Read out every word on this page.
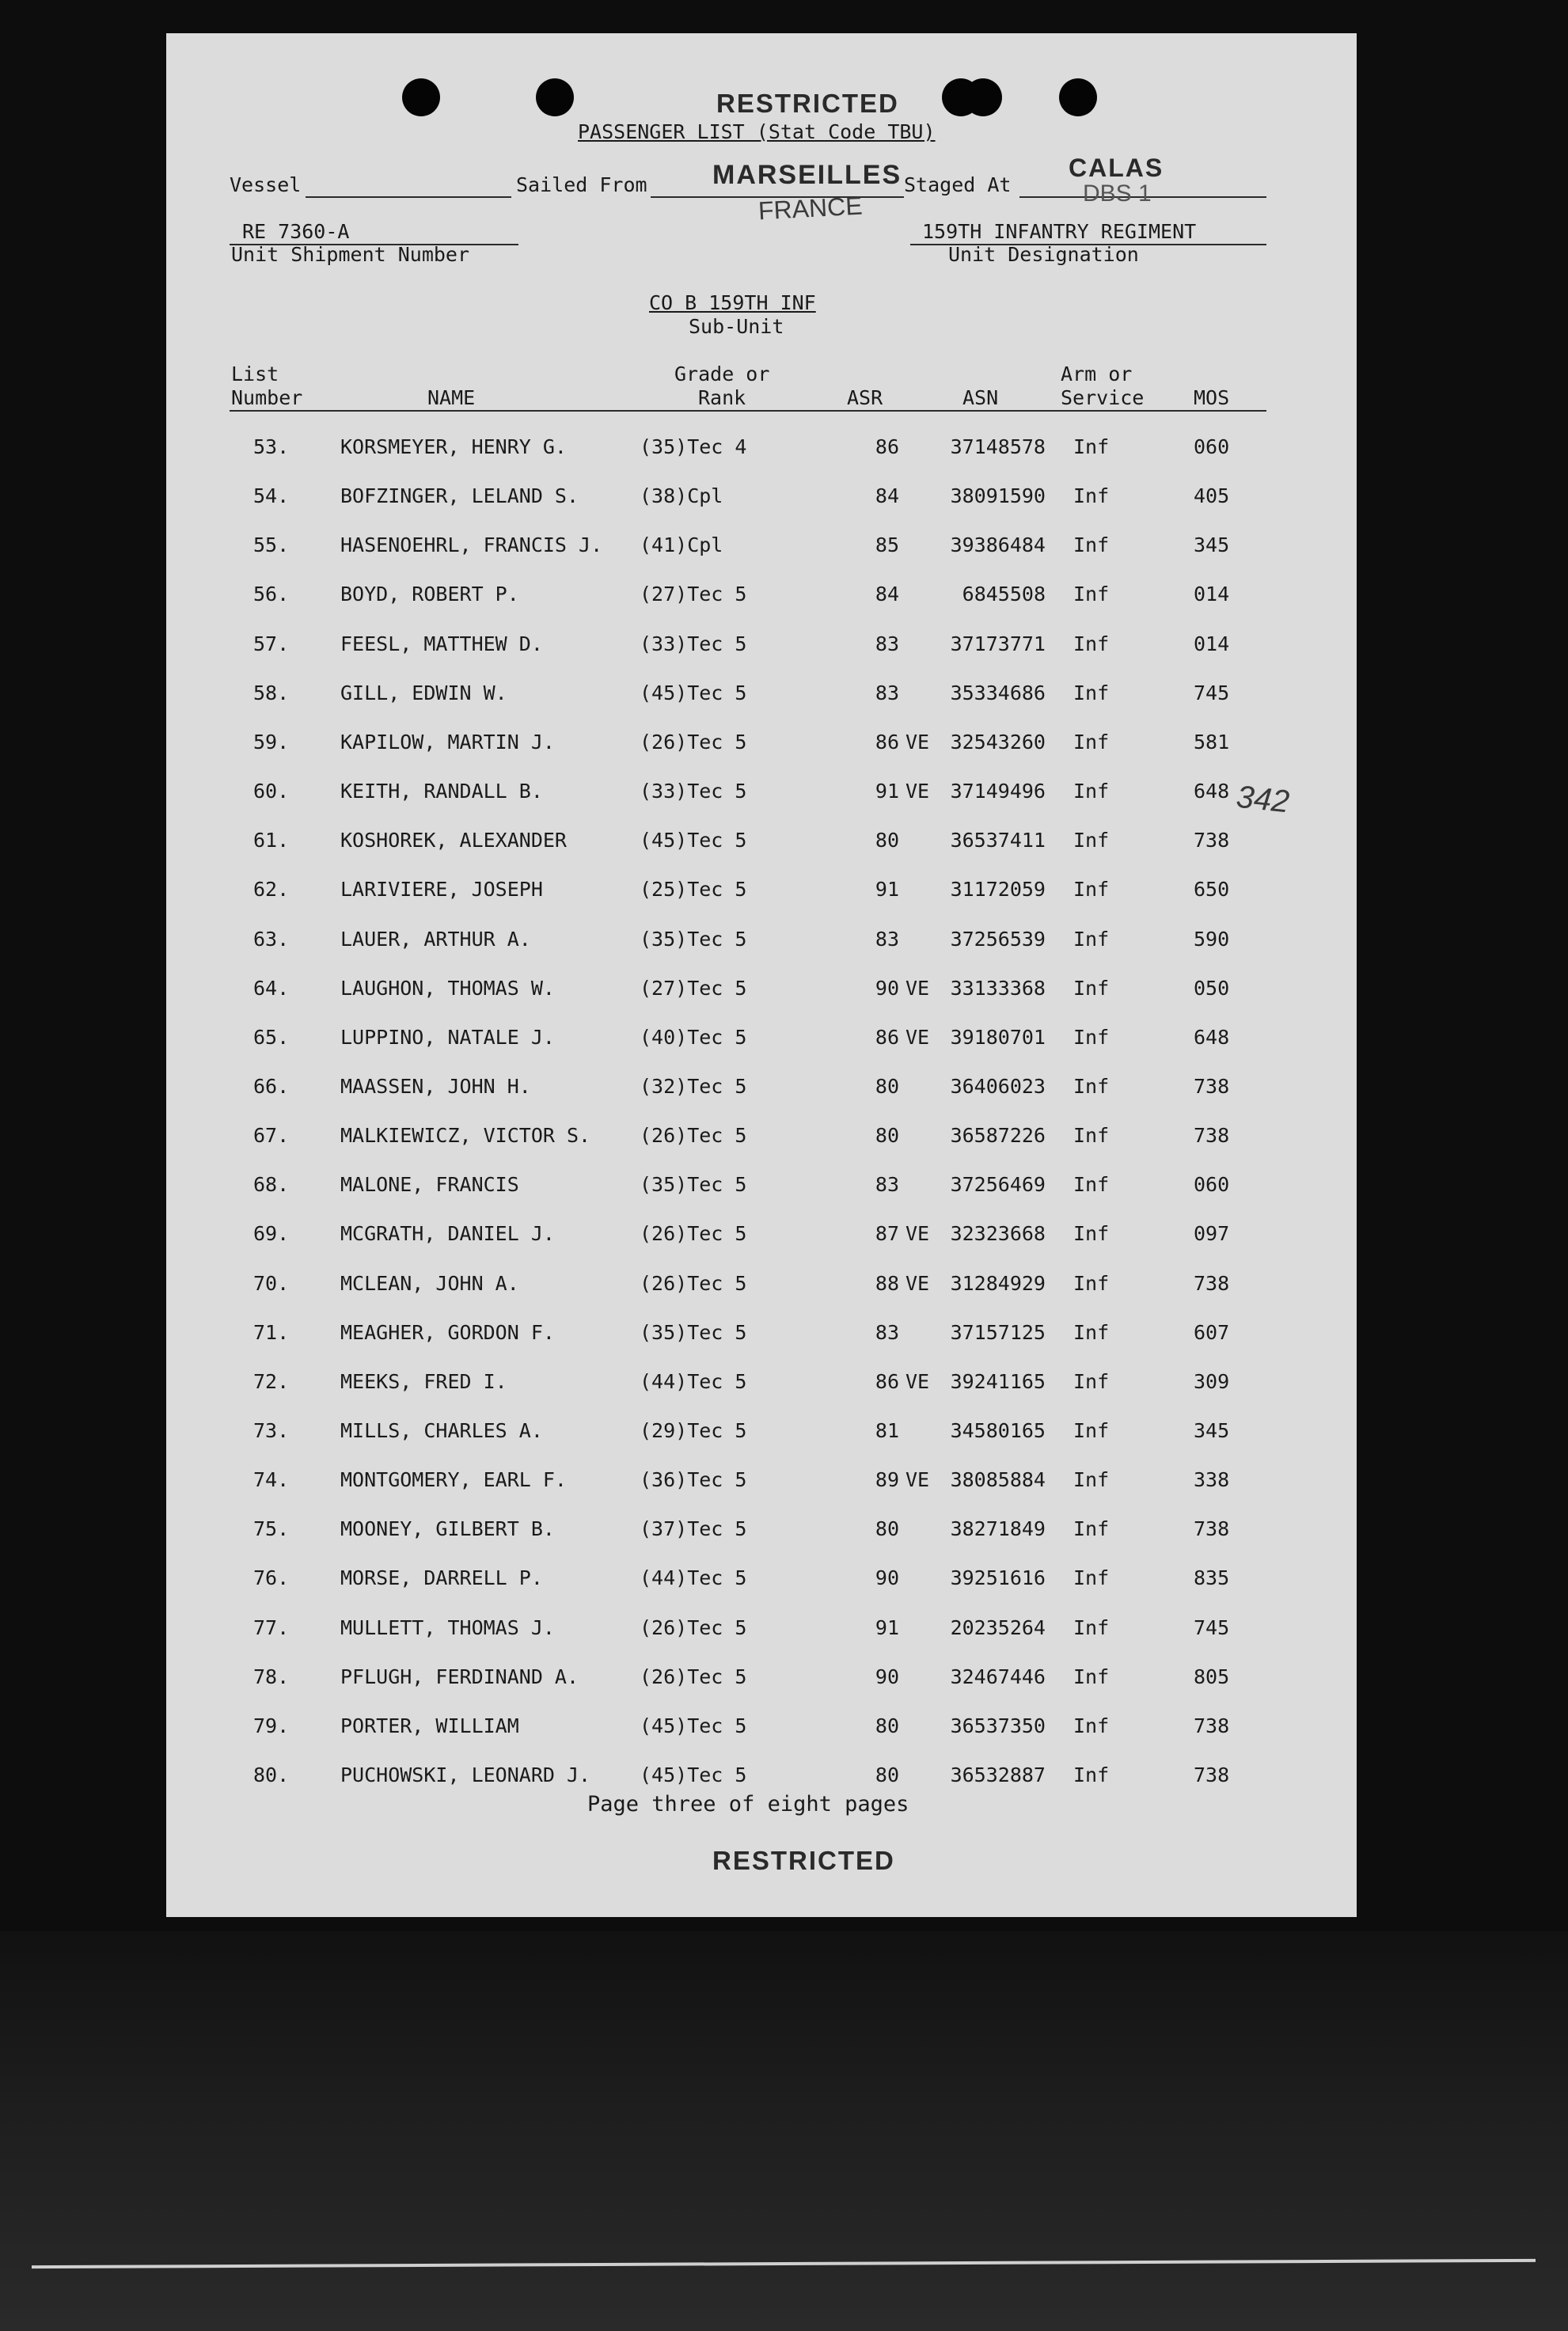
RESTRICTED
PASSENGER LIST (Stat Code TBU)
Vessel	Sailed From MARSEILLES
FRANCE
Staged At
CALAS
DBS 1
RE 7360-A
Unit Shipment Number
159TH INFANTRY REGIMENT
Unit Designation
CO B 159TH INF
Sub-Unit
List
Number	NAME
Grade or
Rank	ASR	ASN
Arm or
Service	MOS
53.	KORSMEYER, HENRY G.	(35)Tec 4	86	37148578 Inf	060
54.	BOFZINGER, LELAND S.	(38)Cpl	84	38091590 Inf	405
55.	HASENOEHRL, FRANCIS J. (41)Cpl	85	39386484 Inf	345
56.	BOYD, ROBERT P.	(27)Tec 5	84	6845508 Inf	014
57.	FEESL, MATTHEW D.	(33)Tec 5	83	37173771 Inf	014
58.	GILL, EDWIN W.	(45)Tec 5	83	35334686 Inf	745
59.	KAPILOW, MARTIN J.	(26)Tec 5	86 VE	32543260 Inf	581
60.	KEITH, RANDALL B.	(33)Tec 5	91 VE	37149496 Inf	648
61.	KOSHOREK, ALEXANDER	(45)Tec 5	80	36537411 Inf	738
62.	LARIVIERE, JOSEPH	(25)Tec 5	91	31172059 Inf	650
63.	LAUER, ARTHUR A.	(35)Tec 5	83	37256539 Inf	590
64.	LAUGHON, THOMAS W.	(27)Tec 5	90 VE	33133368 Inf	050
65.	LUPPINO, NATALE J.	(40)Tec 5	86 VE	39180701 Inf	648
66.	MAASSEN, JOHN H.	(32)Tec 5	80	36406023 Inf	738
67.	MALKIEWICZ, VICTOR S. (26)Tec 5	80	36587226 Inf	738
68.	MALONE, FRANCIS	(35)Tec 5	83	37256469 Inf	060
69.	MCGRATH, DANIEL J.	(26)Tec 5	87 VE	32323668 Inf	097
70.	MCLEAN, JOHN A.	(26)Tec 5	88 VE	31284929 Inf	738
71.	MEAGHER, GORDON F.	(35)Tec 5	83	37157125 Inf	607
72.	MEEKS, FRED I.	(44)Tec 5	86 VE	39241165 Inf	309
73.	MILLS, CHARLES A.	(29)Tec 5	81	34580165 Inf	345
74.	MONTGOMERY, EARL F.	(36)Tec 5	89 VE	38085884 Inf	338
75.	MOONEY, GILBERT B.	(37)Tec 5	80	38271849 Inf	738
76.	MORSE, DARRELL P.	(44)Tec 5	90	39251616 Inf	835
77.	MULLETT, THOMAS J.	(26)Tec 5	91	20235264 Inf	745
78.	PFLUGH, FERDINAND A.	(26)Tec 5	90	32467446 Inf	805
79.	PORTER, WILLIAM	(45)Tec 5	80	36537350 Inf	738
80.	PUCHOWSKI, LEONARD J. (45)Tec 5	80	36532887 Inf	738
342
Page three of eight pages
RESTRICTED
